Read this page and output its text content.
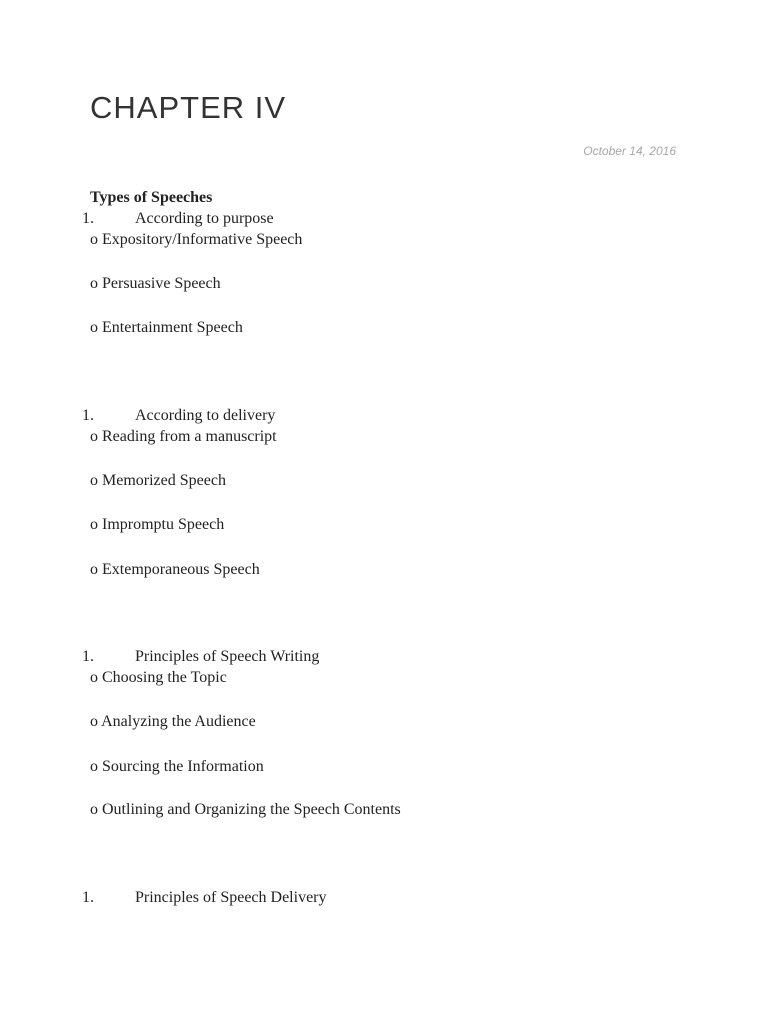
CHAPTER IV
October 14, 2016
Types of Speeches
1.	According to purpose
o Expository/Informative Speech
o Persuasive Speech
o Entertainment Speech
1.	According to delivery
o Reading from a manuscript
o Memorized Speech
o Impromptu Speech
o Extemporaneous Speech
1.	Principles of Speech Writing
o Choosing the Topic
o Analyzing the Audience
o Sourcing the Information
o Outlining and Organizing the Speech Contents
1.	Principles of Speech Delivery
